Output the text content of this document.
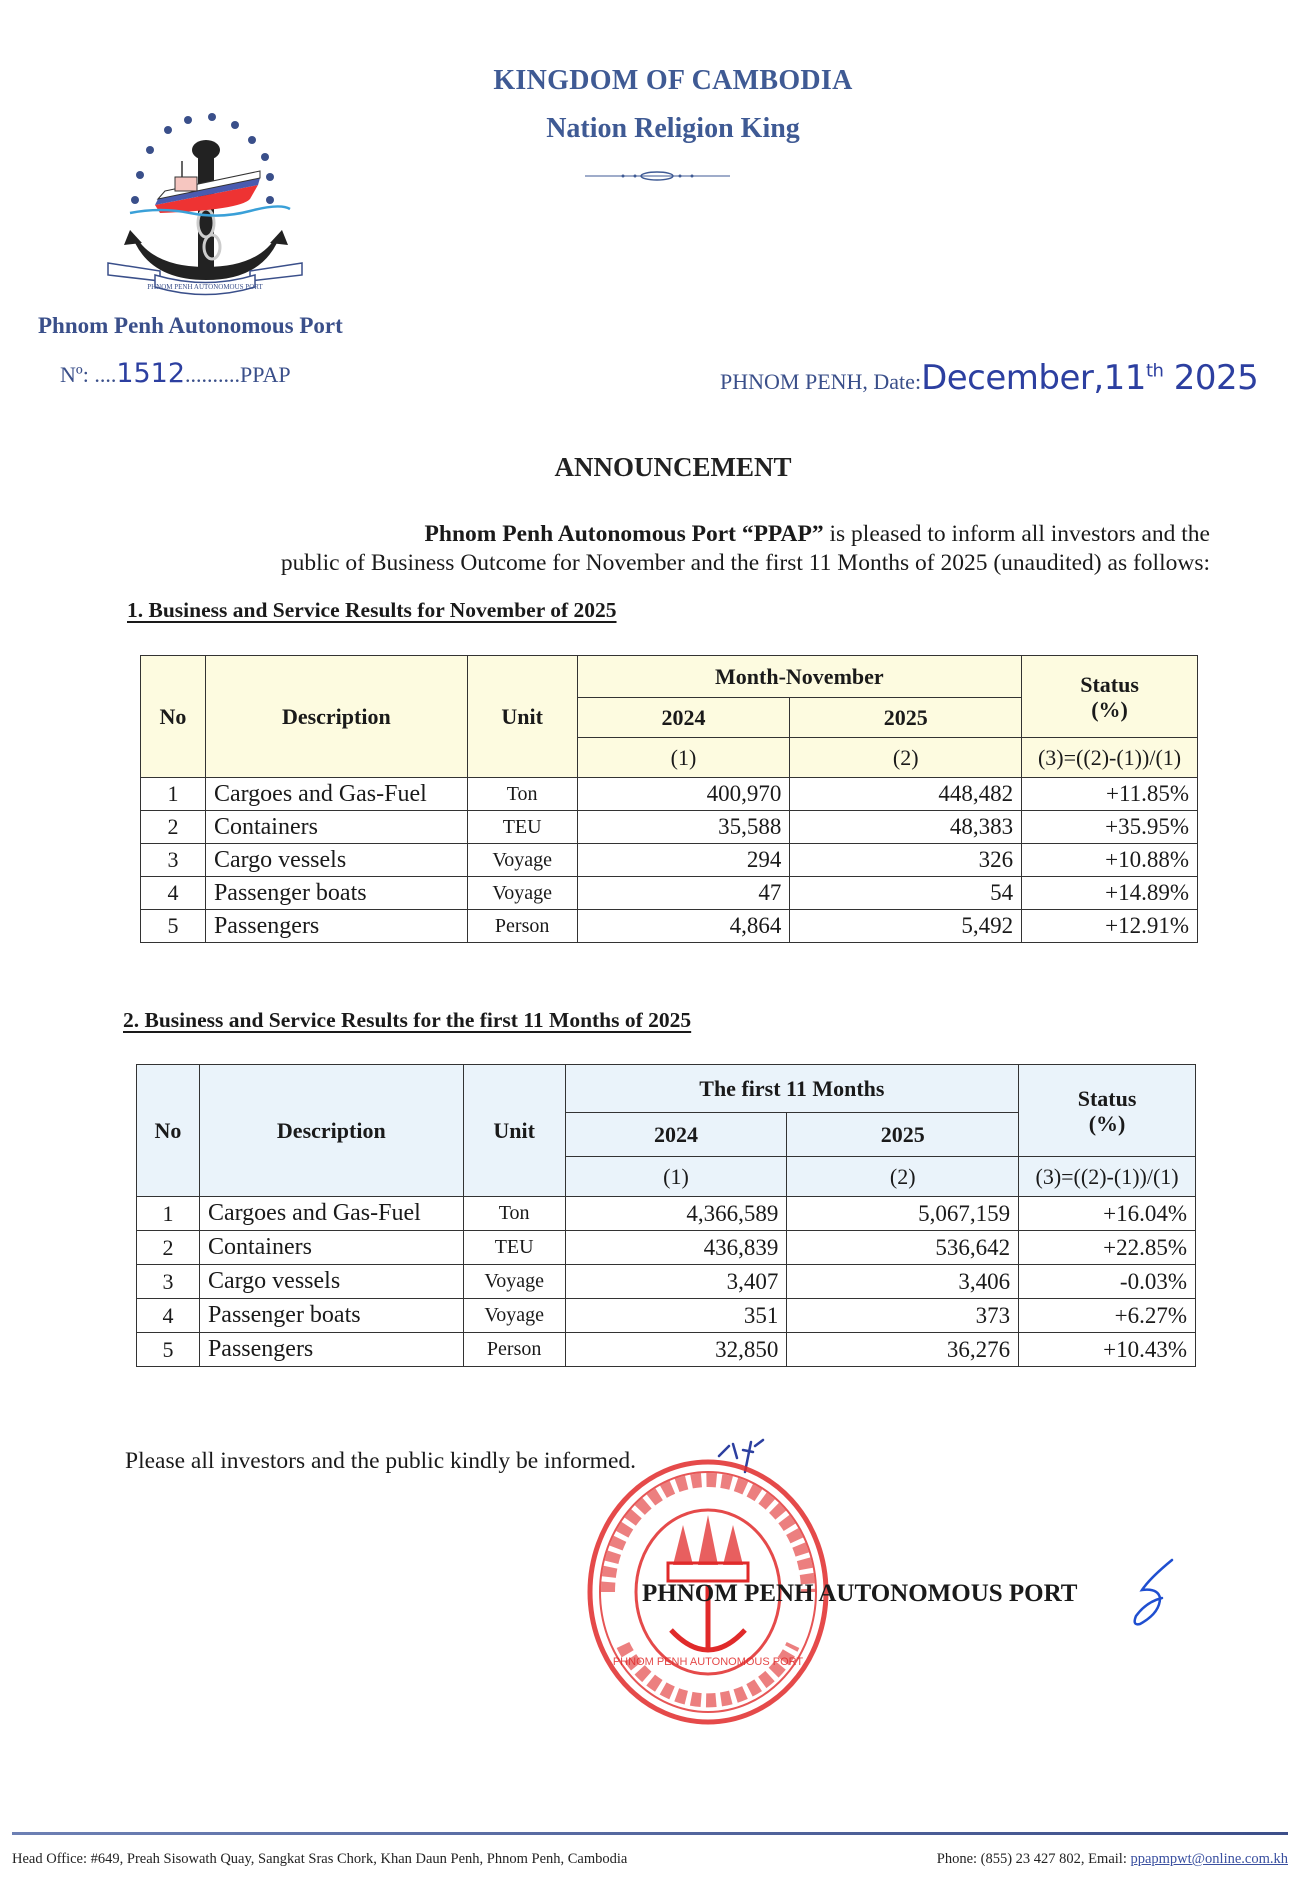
PHNOM PENH AUTONOMOUS PORT
KINGDOM OF CAMBODIA
Nation Religion King
Phnom Penh Autonomous Port
Nº: ....1512..........PPAP	PHNOM PENH, Date:December,11th 2025
ANNOUNCEMENT
Phnom Penh Autonomous Port “PPAP” is pleased to inform all investors and the
public of Business Outcome for November and the first 11 Months of 2025 (unaudited) as follows:
1. Business and Service Results for November of 2025
No	Description	Unit	Month-November		Status
(%)
			2024	2025	
			(1)	(2)	(3)=((2)-(1))/(1)
1	Cargoes and Gas-Fuel	Ton	400,970	448,482	+11.85%
2	Containers	TEU	35,588	48,383	+35.95%
3	Cargo vessels	Voyage	294	326	+10.88%
4	Passenger boats	Voyage	47	54	+14.89%
5	Passengers	Person	4,864	5,492	+12.91%
2. Business and Service Results for the first 11 Months of 2025
No	Description	Unit	The first 11 Months		Status
(%)
			2024	2025	
			(1)	(2)	(3)=((2)-(1))/(1)
1	Cargoes and Gas-Fuel	Ton	4,366,589	5,067,159	+16.04%
2	Containers	TEU	436,839	536,642	+22.85%
3	Cargo vessels	Voyage	3,407	3,406	-0.03%
4	Passenger boats	Voyage	351	373	+6.27%
5	Passengers	Person	32,850	36,276	+10.43%
Please all investors and the public kindly be informed.
PHNOM PENH AUTONOMOUS PORT
PHNOM PENH AUTONOMOUS PORT
Head Office: #649, Preah Sisowath Quay, Sangkat Sras Chork, Khan Daun Penh, Phnom Penh, Cambodia	Phone: (855) 23 427 802, Email: ppapmpwt@online.com.kh
